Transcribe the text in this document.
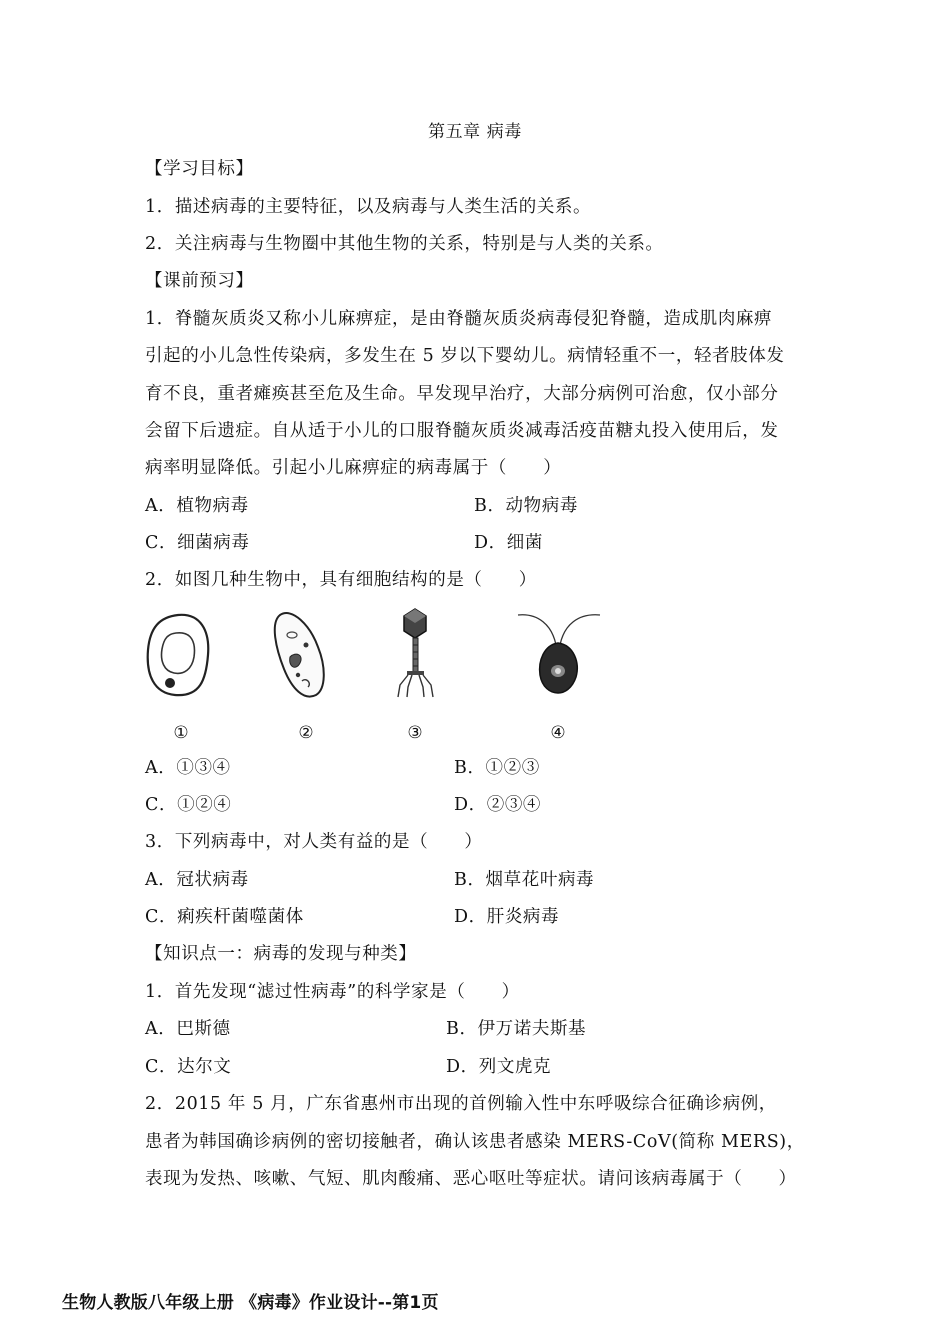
第五章 病毒
【学习目标】
1．描述病毒的主要特征，以及病毒与人类生活的关系。
2．关注病毒与生物圈中其他生物的关系，特别是与人类的关系。
【课前预习】
1．脊髓灰质炎又称小儿麻痹症，是由脊髓灰质炎病毒侵犯脊髓，造成肌肉麻痹
引起的小儿急性传染病，多发生在 5 岁以下婴幼儿。病情轻重不一，轻者肢体发
育不良，重者瘫痪甚至危及生命。早发现早治疗，大部分病例可治愈，仅小部分
会留下后遗症。自从适于小儿的口服脊髓灰质炎减毒活疫苗糖丸投入使用后，发
病率明显降低。引起小儿麻痹症的病毒属于（　　）
A．植物病毒	B．动物病毒
C．细菌病毒	D．细菌
2．如图几种生物中，具有细胞结构的是（　　）
①	②	③	④
A．①③④	B．①②③
C．①②④	D．②③④
3．下列病毒中，对人类有益的是（　　）
A．冠状病毒	B．烟草花叶病毒
C．痢疾杆菌噬菌体	D．肝炎病毒
【知识点一：病毒的发现与种类】
1．首先发现“滤过性病毒”的科学家是（　　）
A．巴斯德	B．伊万诺夫斯基
C．达尔文	D．列文虎克
2．2015 年 5 月，广东省惠州市出现的首例输入性中东呼吸综合征确诊病例，
患者为韩国确诊病例的密切接触者，确认该患者感染 MERS-CoV(简称 MERS)，
表现为发热、咳嗽、气短、肌肉酸痛、恶心呕吐等症状。请问该病毒属于（　　）
生物人教版八年级上册 《病毒》作业设计--第1页
